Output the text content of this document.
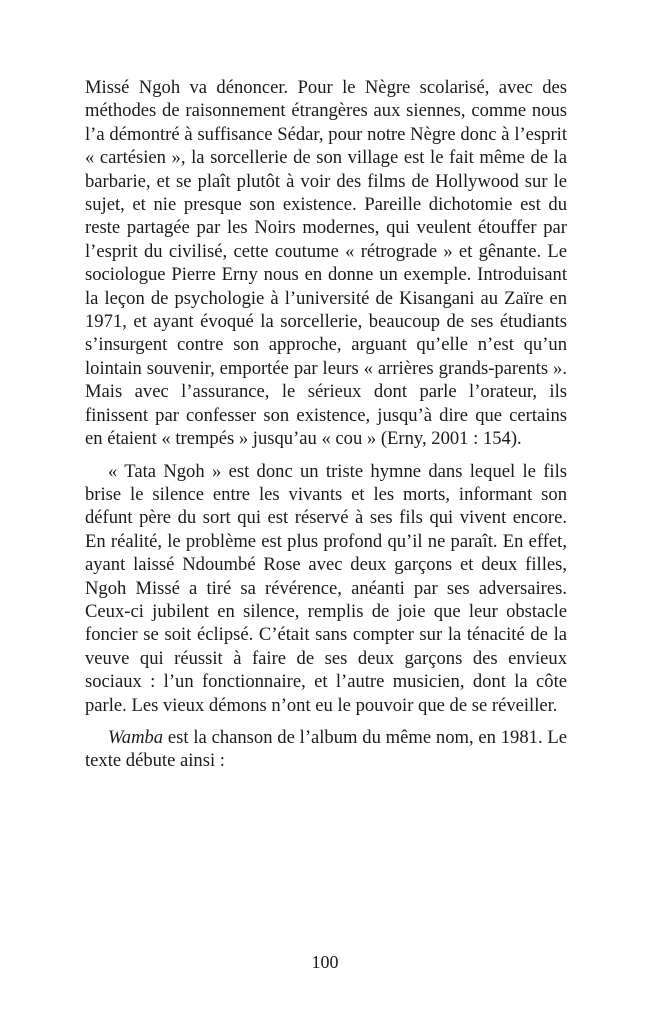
Missé Ngoh va dénoncer. Pour le Nègre scolarisé, avec des méthodes de raisonnement étrangères aux siennes, comme nous l’a démontré à suffisance Sédar, pour notre Nègre donc à l’esprit « cartésien », la sorcellerie de son village est le fait même de la barbarie, et se plaît plutôt à voir des films de Hollywood sur le sujet, et nie presque son existence. Pareille dichotomie est du reste partagée par les Noirs modernes, qui veulent étouffer par l’esprit du civilisé, cette coutume « rétrograde » et gênante. Le sociologue Pierre Erny nous en donne un exemple. Introduisant la leçon de psychologie à l’université de Kisangani au Zaïre en 1971, et ayant évoqué la sorcellerie, beaucoup de ses étudiants s’insurgent contre son approche, arguant qu’elle n’est qu’un lointain souvenir, emportée par leurs « arrières grands-parents ». Mais avec l’assurance, le sérieux dont parle l’orateur, ils finissent par confesser son existence, jusqu’à dire que certains en étaient « trempés » jusqu’au « cou » (Erny, 2001 : 154).

« Tata Ngoh » est donc un triste hymne dans lequel le fils brise le silence entre les vivants et les morts, informant son défunt père du sort qui est réservé à ses fils qui vivent encore. En réalité, le problème est plus profond qu’il ne paraît. En effet, ayant laissé Ndoumbé Rose avec deux garçons et deux filles, Ngoh Missé a tiré sa révérence, anéanti par ses adversaires. Ceux-ci jubilent en silence, remplis de joie que leur obstacle foncier se soit éclipsé. C’était sans compter sur la ténacité de la veuve qui réussit à faire de ses deux garçons des envieux sociaux : l’un fonctionnaire, et l’autre musicien, dont la côte parle. Les vieux démons n’ont eu le pouvoir que de se réveiller.

Wamba est la chanson de l’album du même nom, en 1981. Le texte débute ainsi :

100
